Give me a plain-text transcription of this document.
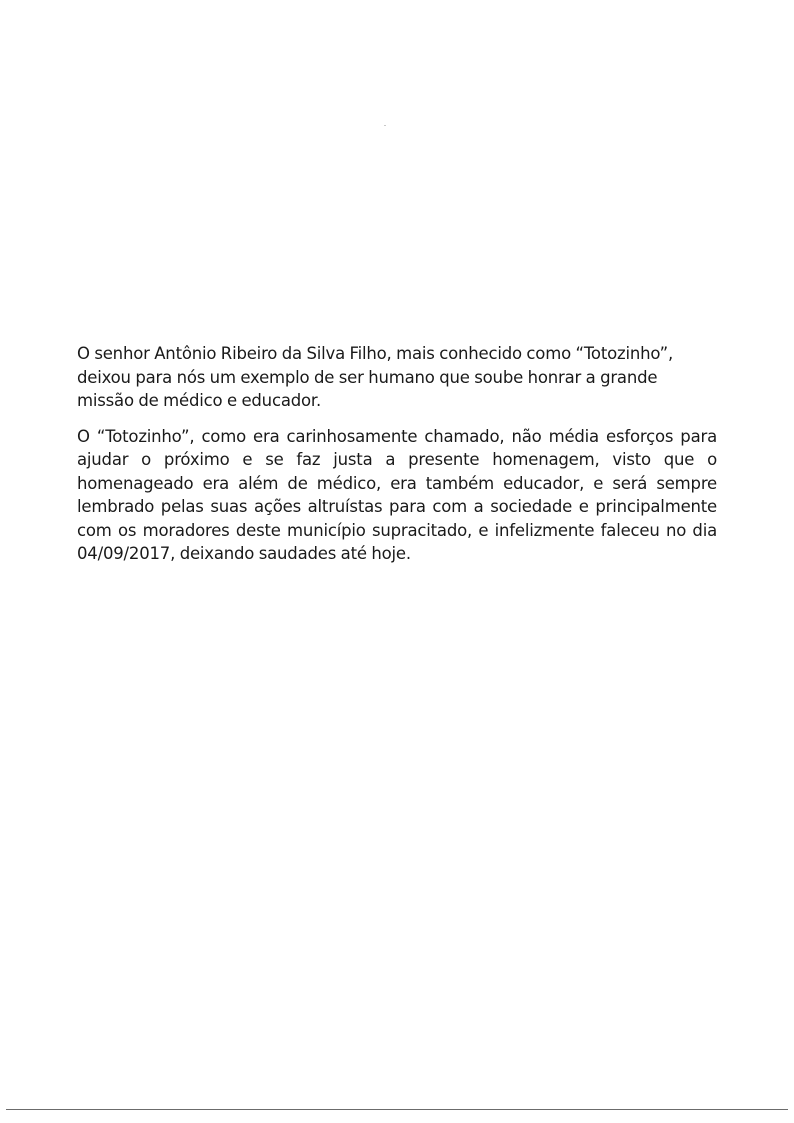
O senhor Antônio Ribeiro da Silva Filho, mais conhecido como “Totozinho”, deixou para nós um exemplo de ser humano que soube honrar a grande missão de médico e educador.

O “Totozinho”, como era carinhosamente chamado, não média esforços para ajudar o próximo e se faz justa a presente homenagem, visto que o homenageado era além de médico, era também educador, e será sempre lembrado pelas suas ações altruístas para com a sociedade e principalmente com os moradores deste município supracitado, e infelizmente faleceu no dia 04/09/2017, deixando saudades até hoje.
